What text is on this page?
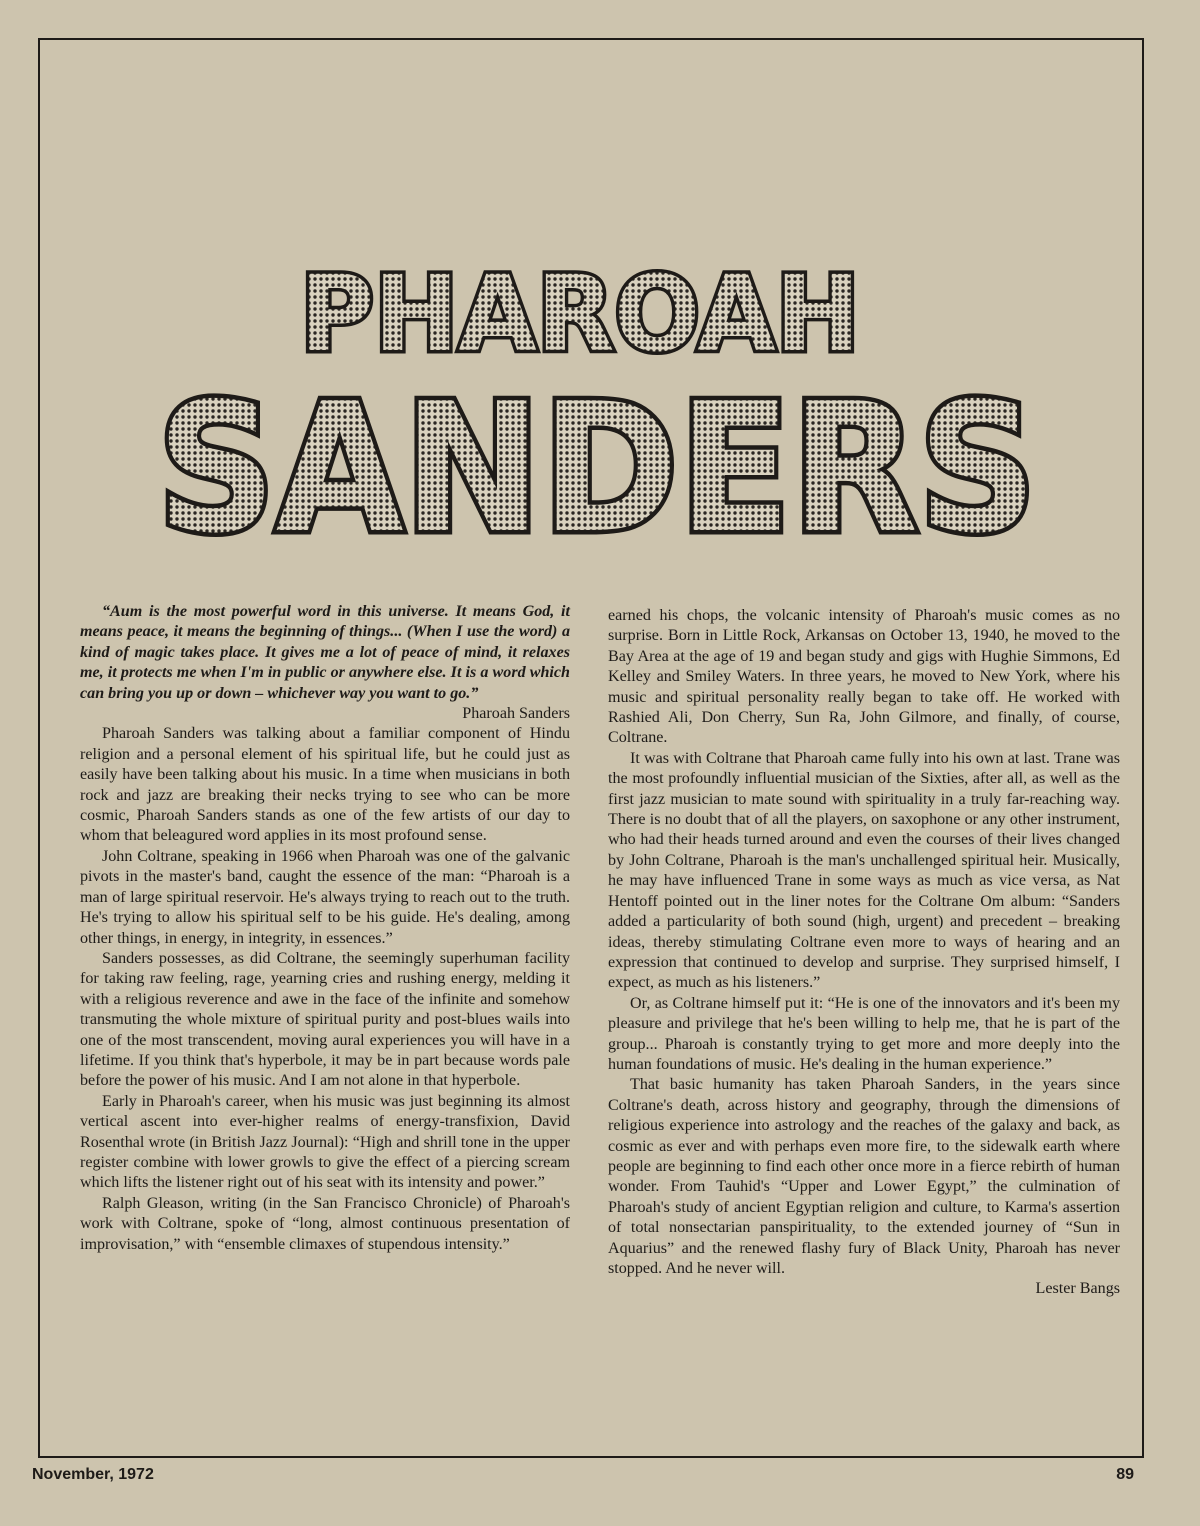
PHAROAH
SANDERS

“Aum is the most powerful word in this universe. It means God, it means peace, it means the beginning of things... (When I use the word) a kind of magic takes place. It gives me a lot of peace of mind, it relaxes me, it protects me when I'm in public or anywhere else. It is a word which can bring you up or down – whichever way you want to go.”

Pharoah Sanders

Pharoah Sanders was talking about a familiar component of Hindu religion and a personal element of his spiritual life, but he could just as easily have been talking about his music. In a time when musicians in both rock and jazz are breaking their necks trying to see who can be more cosmic, Pharoah Sanders stands as one of the few artists of our day to whom that beleagured word applies in its most profound sense.

John Coltrane, speaking in 1966 when Pharoah was one of the galvanic pivots in the master's band, caught the essence of the man: “Pharoah is a man of large spiritual reservoir. He's always trying to reach out to the truth. He's trying to allow his spiritual self to be his guide. He's dealing, among other things, in energy, in integrity, in essences.”

Sanders possesses, as did Coltrane, the seemingly superhuman facility for taking raw feeling, rage, yearning cries and rushing energy, melding it with a religious reverence and awe in the face of the infinite and somehow transmuting the whole mixture of spiritual purity and post-blues wails into one of the most transcendent, moving aural experiences you will have in a lifetime. If you think that's hyperbole, it may be in part because words pale before the power of his music. And I am not alone in that hyperbole.

Early in Pharoah's career, when his music was just beginning its almost vertical ascent into ever-higher realms of energy-transfixion, David Rosenthal wrote (in British Jazz Journal): “High and shrill tone in the upper register combine with lower growls to give the effect of a piercing scream which lifts the listener right out of his seat with its intensity and power.”

Ralph Gleason, writing (in the San Francisco Chronicle) of Pharoah's work with Coltrane, spoke of “long, almost continuous presentation of improvisation,” with “ensemble climaxes of stupendous intensity.”

earned his chops, the volcanic intensity of Pharoah's music comes as no surprise. Born in Little Rock, Arkansas on October 13, 1940, he moved to the Bay Area at the age of 19 and began study and gigs with Hughie Simmons, Ed Kelley and Smiley Waters. In three years, he moved to New York, where his music and spiritual personality really began to take off. He worked with Rashied Ali, Don Cherry, Sun Ra, John Gilmore, and finally, of course, Coltrane.

It was with Coltrane that Pharoah came fully into his own at last. Trane was the most profoundly influential musician of the Sixties, after all, as well as the first jazz musician to mate sound with spirituality in a truly far-reaching way. There is no doubt that of all the players, on saxophone or any other instrument, who had their heads turned around and even the courses of their lives changed by John Coltrane, Pharoah is the man's unchallenged spiritual heir. Musically, he may have influenced Trane in some ways as much as vice versa, as Nat Hentoff pointed out in the liner notes for the Coltrane Om album: “Sanders added a particularity of both sound (high, urgent) and precedent – breaking ideas, thereby stimulating Coltrane even more to ways of hearing and an expression that continued to develop and surprise. They surprised himself, I expect, as much as his listeners.”

Or, as Coltrane himself put it: “He is one of the innovators and it's been my pleasure and privilege that he's been willing to help me, that he is part of the group... Pharoah is constantly trying to get more and more deeply into the human foundations of music. He's dealing in the human experience.”

That basic humanity has taken Pharoah Sanders, in the years since Coltrane's death, across history and geography, through the dimensions of religious experience into astrology and the reaches of the galaxy and back, as cosmic as ever and with perhaps even more fire, to the sidewalk earth where people are beginning to find each other once more in a fierce rebirth of human wonder. From Tauhid's “Upper and Lower Egypt,” the culmination of Pharoah's study of ancient Egyptian religion and culture, to Karma's assertion of total nonsectarian panspirituality, to the extended journey of “Sun in Aquarius” and the renewed flashy fury of Black Unity, Pharoah has never stopped. And he never will.

Lester Bangs

November, 1972	89
